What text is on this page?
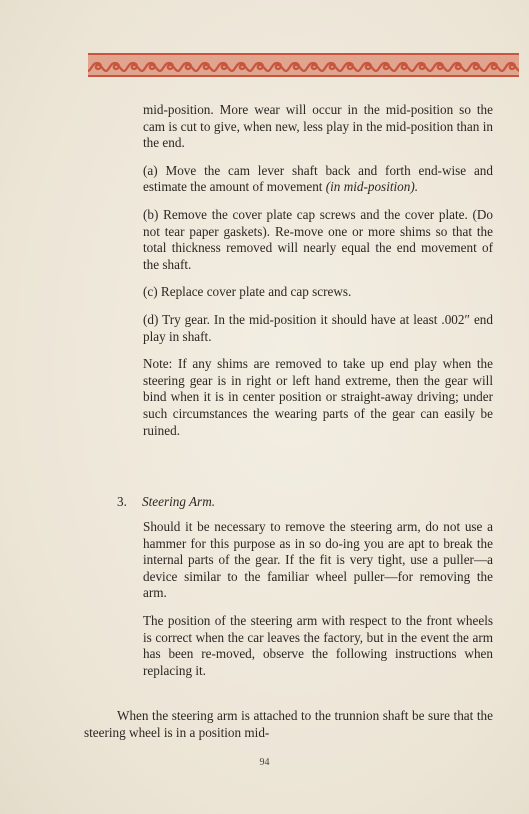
mid-position. More wear will occur in the mid-position so the cam is cut to give, when new, less play in the mid-position than in the end.

(a) Move the cam lever shaft back and forth end-wise and estimate the amount of movement (in mid-position).

(b) Remove the cover plate cap screws and the cover plate. (Do not tear paper gaskets). Re-move one or more shims so that the total thickness removed will nearly equal the end movement of the shaft.

(c) Replace cover plate and cap screws.

(d) Try gear. In the mid-position it should have at least .002″ end play in shaft.

Note: If any shims are removed to take up end play when the steering gear is in right or left hand extreme, then the gear will bind when it is in center position or straight-away driving; under such circumstances the wearing parts of the gear can easily be ruined.

3. Steering Arm.

Should it be necessary to remove the steering arm, do not use a hammer for this purpose as in so do-ing you are apt to break the internal parts of the gear. If the fit is very tight, use a puller—a device similar to the familiar wheel puller—for removing the arm.

The position of the steering arm with respect to the front wheels is correct when the car leaves the factory, but in the event the arm has been re-moved, observe the following instructions when replacing it.

When the steering arm is attached to the trunnion shaft be sure that the steering wheel is in a position mid-
94
